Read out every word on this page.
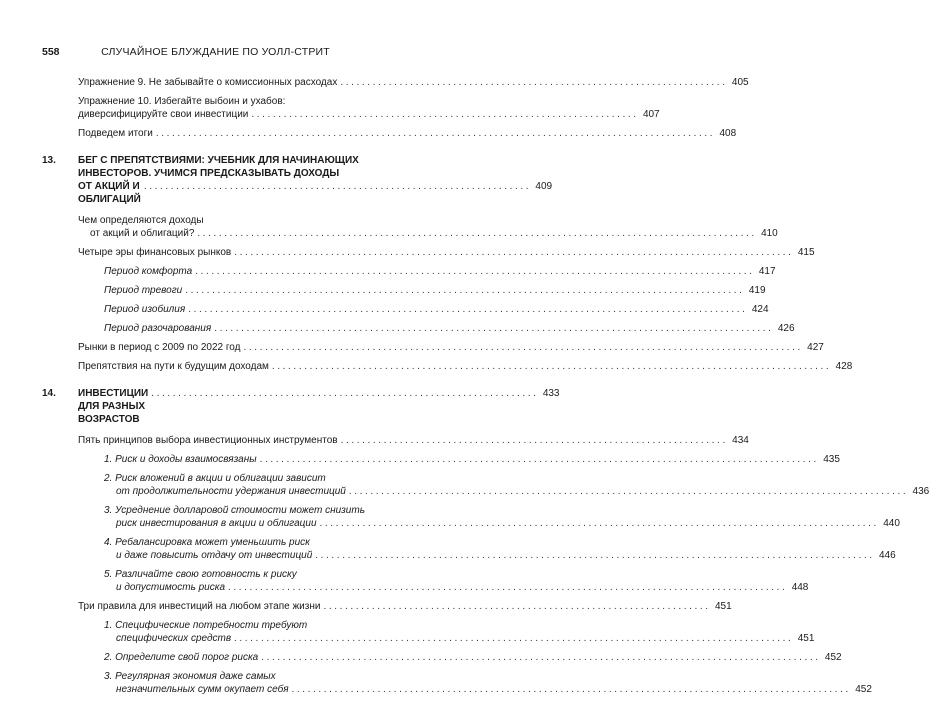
558	СЛУЧАЙНОЕ БЛУЖДАНИЕ ПО УОЛЛ-СТРИТ
Упражнение 9. Не забывайте о комиссионных расходах ........................................................................ 405
Упражнение 10. Избегайте выбоин и ухабов:
диверсифицируйте свои инвестиции ........................................................................ 407
Подведем итоги ........................................................................................................ 408
13. БЕГ С ПРЕПЯТСТВИЯМИ: УЧЕБНИК ДЛЯ НАЧИНАЮЩИХ
ИНВЕСТОРОВ. УЧИМСЯ ПРЕДСКАЗЫВАТЬ ДОХОДЫ
ОТ АКЦИЙ И ОБЛИГАЦИЙ
........................................................................ 409
Чем определяются доходы
от акций и облигаций? ........................................................................................................ 410
Четыре эры финансовых рынков ........................................................................................................ 415
Период комфорта ........................................................................................................ 417
Период тревоги ........................................................................................................ 419
Период изобилия ........................................................................................................ 424
Период разочарования ........................................................................................................ 426
Рынки в период с 2009 по 2022 год ........................................................................................................ 427
Препятствия на пути к будущим доходам ........................................................................................................ 428
14. ИНВЕСТИЦИИ ДЛЯ РАЗНЫХ ВОЗРАСТОВ
........................................................................ 433
Пять принципов выбора инвестиционных инструментов ........................................................................ 434
1. Риск и доходы взаимосвязаны ........................................................................................................ 435
2. Риск вложений в акции и облигации зависит
от продолжительности удержания инвестиций ........................................................................................................ 436
3. Усреднение долларовой стоимости может снизить
риск инвестирования в акции и облигации ........................................................................................................ 440
4. Ребалансировка может уменьшить риск
и даже повысить отдачу от инвестиций ........................................................................................................ 446
5. Различайте свою готовность к риску
и допустимость риска ........................................................................................................ 448
Три правила для инвестиций на любом этапе жизни ........................................................................ 451
1. Специфические потребности требуют
специфических средств ........................................................................................................ 451
2. Определите свой порог риска ........................................................................................................ 452
3. Регулярная экономия даже самых
незначительных сумм окупает себя ........................................................................................................ 452
